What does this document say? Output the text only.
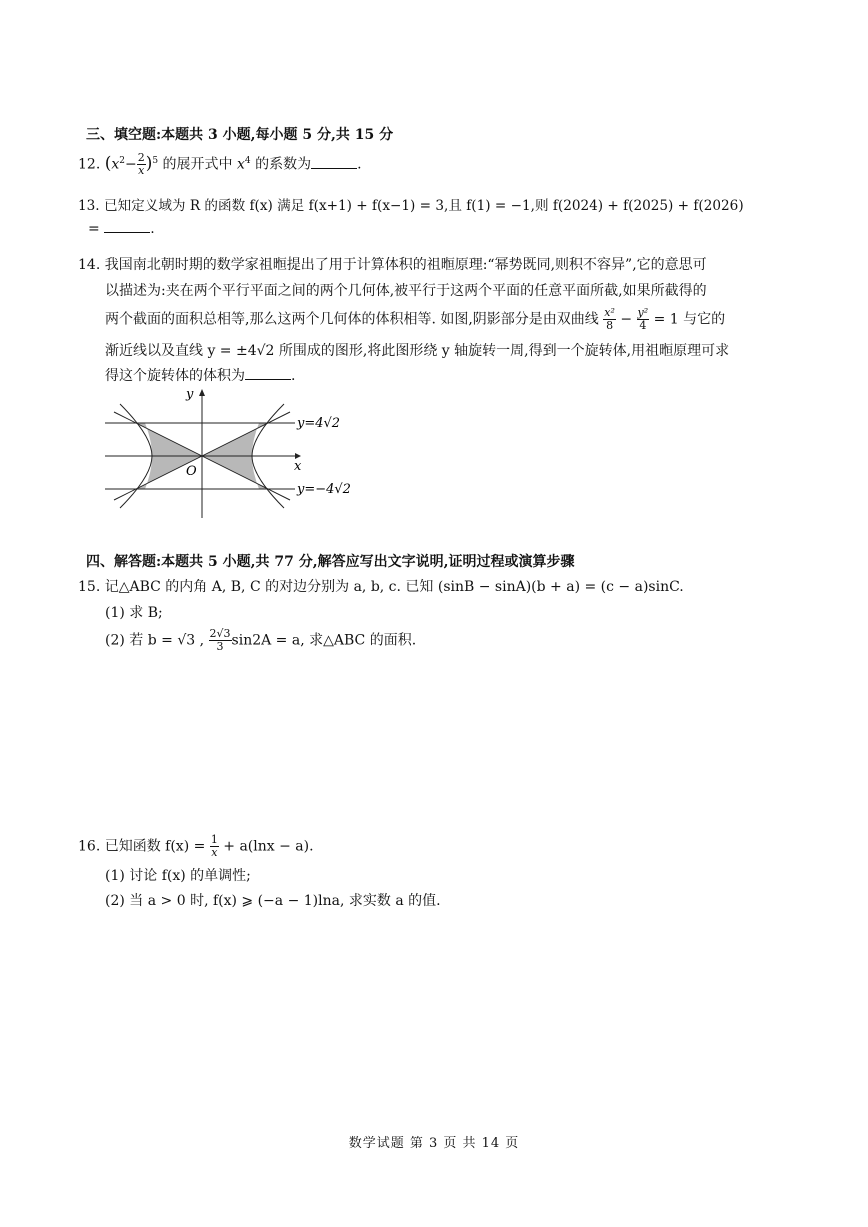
三、填空题:本题共 3 小题,每小题 5 分,共 15 分
12. $(x^2- \frac{2}{x} )^5$ 的展开式中 $x^4$ 的系数为	.
13. 已知定义域为 R 的函数 f(x) 满足 f(x+1) + f(x−1) = 3,且 f(1) = −1,则 f(2024) + f(2025) + f(2026)
=	.
14. 我国南北朝时期的数学家祖暅提出了用于计算体积的祖暅原理:“幂势既同,则积不容异”,它的意思可
以描述为:夹在两个平行平面之间的两个几何体,被平行于这两个平面的任意平面所截,如果所截得的
两个截面的面积总相等,那么这两个几何体的体积相等. 如图,阴影部分是由双曲线 $\frac{\text{x²}}{8} - \frac{\text{y²}}{4} = 1$ 与它的
渐近线以及直线 y = ±4√2 所围成的图形,将此图形绕 y 轴旋转一周,得到一个旋转体,用祖暅原理可求
得这个旋转体的体积为	.
y
x
O
y=4√2
y=−4√2
四、解答题:本题共 5 小题,共 77 分,解答应写出文字说明,证明过程或演算步骤
15. 记△ABC 的内角 A, B, C 的对边分别为 a, b, c. 已知 (sinB − sinA)(b + a) = (c − a)sinC.
(1) 求 B;
(2) 若 b = √3 , $\frac{2√3}{3} \sin 2A = a$, 求△ABC 的面积.
16. 已知函数 $f(x) = \frac{1}{x} + a(\ln x - a)$.
(1) 讨论 f(x) 的单调性;
(2) 当 a > 0 时, f(x) ⩾ (−a − 1)lna, 求实数 a 的值.
数学试题 第 3 页 共 14 页
